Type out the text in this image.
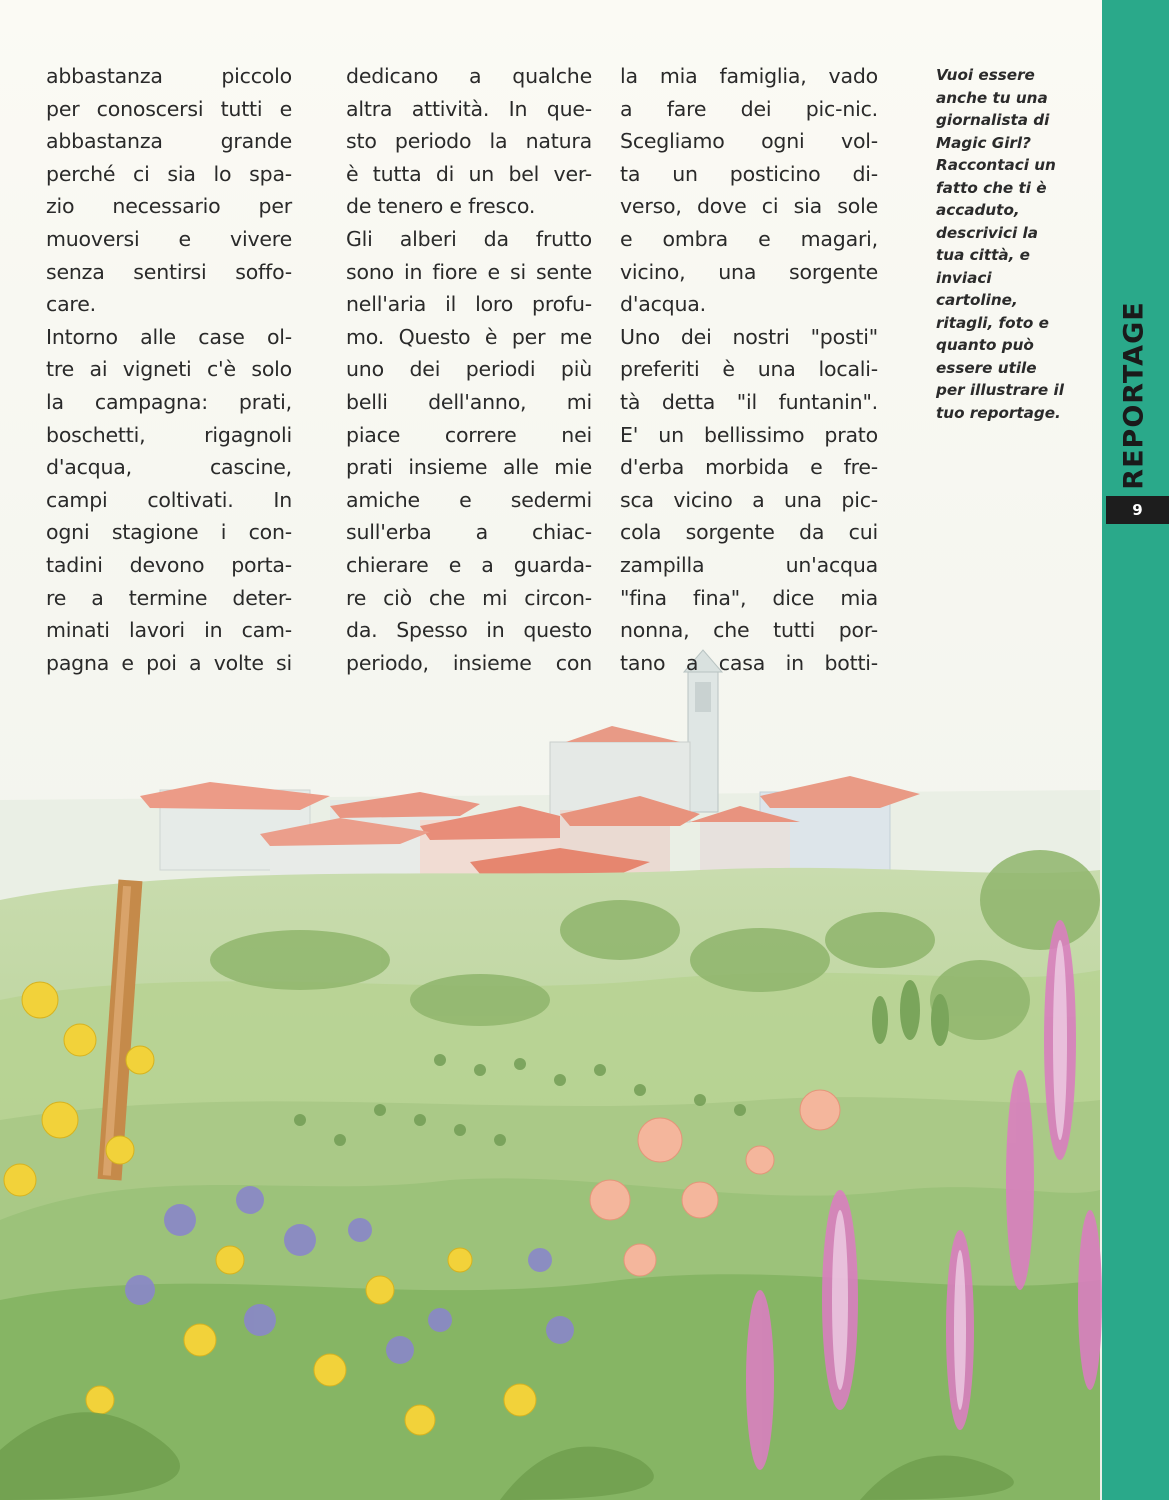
abbastanza piccolo
per conoscersi tutti e
abbastanza grande
perché ci sia lo spa-
zio necessario per
muoversi e vivere
senza sentirsi soffo-
care.
Intorno alle case ol-
tre ai vigneti c'è solo
la campagna: prati,
boschetti, rigagnoli
d'acqua, cascine,
campi coltivati. In
ogni stagione i con-
tadini devono porta-
re a termine deter-
minati lavori in cam-
pagna e poi a volte si
dedicano a qualche
altra attività. In que-
sto periodo la natura
è tutta di un bel ver-
de tenero e fresco.
Gli alberi da frutto
sono in fiore e si sente
nell'aria il loro profu-
mo. Questo è per me
uno dei periodi più
belli dell'anno, mi
piace correre nei
prati insieme alle mie
amiche e sedermi
sull'erba a chiac-
chierare e a guarda-
re ciò che mi circon-
da. Spesso in questo
periodo, insieme con
la mia famiglia, vado
a fare dei pic-nic.
Scegliamo ogni vol-
ta un posticino di-
verso, dove ci sia sole
e ombra e magari,
vicino, una sorgente
d'acqua.
Uno dei nostri "posti"
preferiti è una locali-
tà detta "il funtanin".
E' un bellissimo prato
d'erba morbida e fre-
sca vicino a una pic-
cola sorgente da cui
zampilla un'acqua
"fina fina", dice mia
nonna, che tutti por-
tano a casa in botti-
Vuoi essere
anche tu una
giornalista di
Magic Girl?
Raccontaci un
fatto che ti è
accaduto,
descrivici la
tua città, e
inviaci
cartoline,
ritagli, foto e
quanto può
essere utile
per illustrare il
tuo reportage.	REPORTAGE
9
